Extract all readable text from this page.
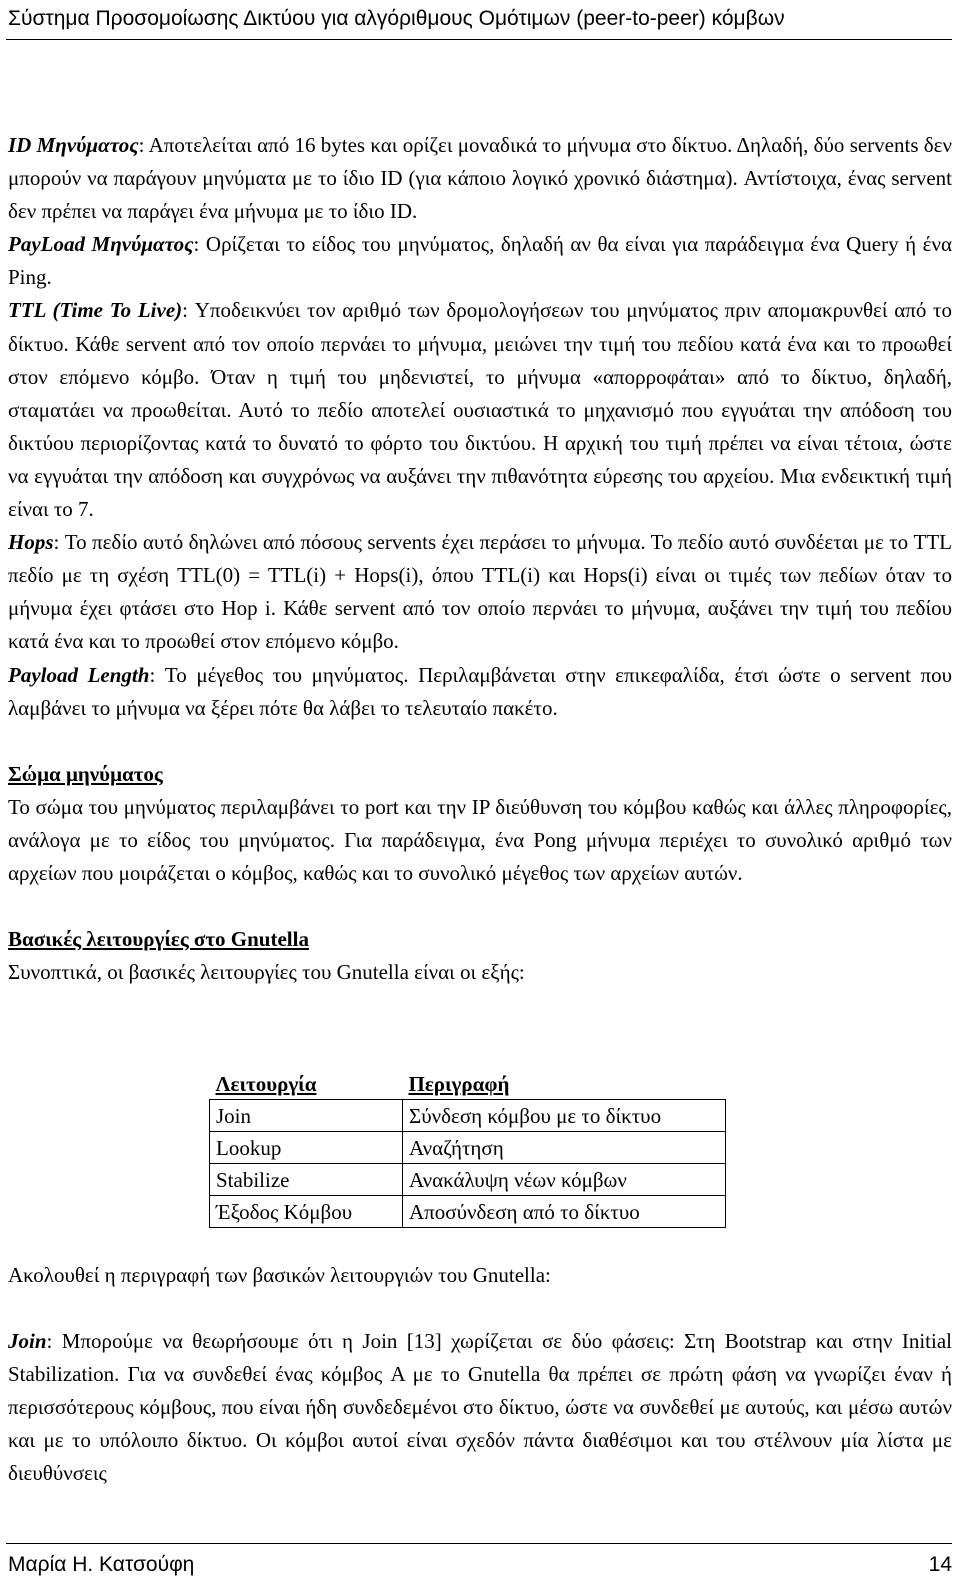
Σύστημα Προσομοίωσης Δικτύου για αλγόριθμους Ομότιμων (peer-to-peer) κόμβων

ID Μηνύματος: Αποτελείται από 16 bytes και ορίζει μοναδικά το μήνυμα στο δίκτυο. Δηλαδή, δύο servents δεν μπορούν να παράγουν μηνύματα με το ίδιο ID (για κάποιο λογικό χρονικό διάστημα). Αντίστοιχα, ένας servent δεν πρέπει να παράγει ένα μήνυμα με το ίδιο ID.

PayLoad Μηνύματος: Ορίζεται το είδος του μηνύματος, δηλαδή αν θα είναι για παράδειγμα ένα Query ή ένα Ping.

TTL (Time To Live): Υποδεικνύει τον αριθμό των δρομολογήσεων του μηνύματος πριν απομακρυνθεί από το δίκτυο. Κάθε servent από τον οποίο περνάει το μήνυμα, μειώνει την τιμή του πεδίου κατά ένα και το προωθεί στον επόμενο κόμβο. Όταν η τιμή του μηδενιστεί, το μήνυμα «απορροφάται» από το δίκτυο, δηλαδή, σταματάει να προωθείται. Αυτό το πεδίο αποτελεί ουσιαστικά το μηχανισμό που εγγυάται την απόδοση του δικτύου περιορίζοντας κατά το δυνατό το φόρτο του δικτύου. Η αρχική του τιμή πρέπει να είναι τέτοια, ώστε να εγγυάται την απόδοση και συγχρόνως να αυξάνει την πιθανότητα εύρεσης του αρχείου. Μια ενδεικτική τιμή είναι το 7.

Hops: Το πεδίο αυτό δηλώνει από πόσους servents έχει περάσει το μήνυμα. Το πεδίο αυτό συνδέεται με το TTL πεδίο με τη σχέση TTL(0) = TTL(i) + Hops(i), όπου TTL(i) και Hops(i) είναι οι τιμές των πεδίων όταν το μήνυμα έχει φτάσει στο Hop i. Κάθε servent από τον οποίο περνάει το μήνυμα, αυξάνει την τιμή του πεδίου κατά ένα και το προωθεί στον επόμενο κόμβο.

Payload Length: Το μέγεθος του μηνύματος. Περιλαμβάνεται στην επικεφαλίδα, έτσι ώστε ο servent που λαμβάνει το μήνυμα να ξέρει πότε θα λάβει το τελευταίο πακέτο.

Σώμα μηνύματος

Το σώμα του μηνύματος περιλαμβάνει το port και την IP διεύθυνση του κόμβου καθώς και άλλες πληροφορίες, ανάλογα με το είδος του μηνύματος. Για παράδειγμα, ένα Pong μήνυμα περιέχει το συνολικό αριθμό των αρχείων που μοιράζεται ο κόμβος, καθώς και το συνολικό μέγεθος των αρχείων αυτών.

Βασικές λειτουργίες στο Gnutella

Συνοπτικά, οι βασικές λειτουργίες του Gnutella είναι οι εξής:

Λειτουργία	Περιγραφή
Join	Σύνδεση κόμβου με το δίκτυο
Lookup	Αναζήτηση
Stabilize	Ανακάλυψη νέων κόμβων
Έξοδος Κόμβου	Αποσύνδεση από το δίκτυο

Ακολουθεί η περιγραφή των βασικών λειτουργιών του Gnutella:

Join: Μπορούμε να θεωρήσουμε ότι η Join [13] χωρίζεται σε δύο φάσεις: Στη Bootstrap και στην Initial Stabilization. Για να συνδεθεί ένας κόμβος A με το Gnutella θα πρέπει σε πρώτη φάση να γνωρίζει έναν ή περισσότερους κόμβους, που είναι ήδη συνδεδεμένοι στο δίκτυο, ώστε να συνδεθεί με αυτούς, και μέσω αυτών και με το υπόλοιπο δίκτυο. Οι κόμβοι αυτοί είναι σχεδόν πάντα διαθέσιμοι και του στέλνουν μία λίστα με διευθύνσεις

Μαρία Η. Κατσούφη	14
